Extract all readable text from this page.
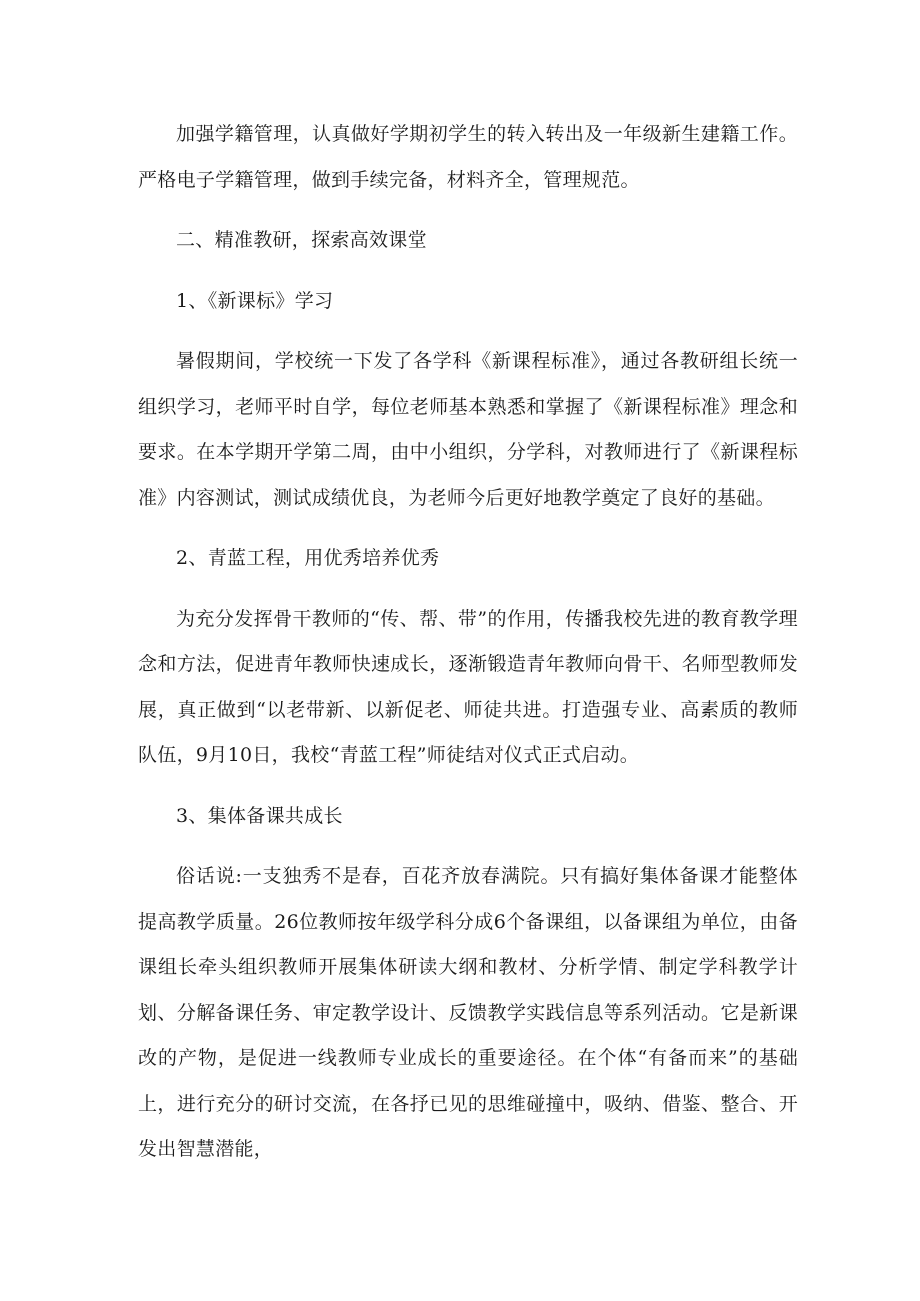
加强学籍管理，认真做好学期初学生的转入转出及一年级新生建籍工作。严格电子学籍管理，做到手续完备，材料齐全，管理规范。

二、精准教研，探索高效课堂

1、《新课标》学习

暑假期间，学校统一下发了各学科《新课程标准》，通过各教研组长统一组织学习，老师平时自学，每位老师基本熟悉和掌握了《新课程标准》理念和要求。在本学期开学第二周，由中小组织，分学科，对教师进行了《新课程标准》内容测试，测试成绩优良，为老师今后更好地教学奠定了良好的基础。

2、青蓝工程，用优秀培养优秀

为充分发挥骨干教师的“传、帮、带”的作用，传播我校先进的教育教学理念和方法，促进青年教师快速成长，逐渐锻造青年教师向骨干、名师型教师发展，真正做到“以老带新、以新促老、师徒共进。打造强专业、高素质的教师队伍，9月10日，我校“青蓝工程”师徒结对仪式正式启动。

3、集体备课共成长

俗话说:一支独秀不是春，百花齐放春满院。只有搞好集体备课才能整体提高教学质量。26位教师按年级学科分成6个备课组，以备课组为单位，由备课组长牵头组织教师开展集体研读大纲和教材、分析学情、制定学科教学计划、分解备课任务、审定教学设计、反馈教学实践信息等系列活动。它是新课改的产物，是促进一线教师专业成长的重要途径。在个体“有备而来”的基础上，进行充分的研讨交流，在各抒已见的思维碰撞中，吸纳、借鉴、整合、开发出智慧潜能，
